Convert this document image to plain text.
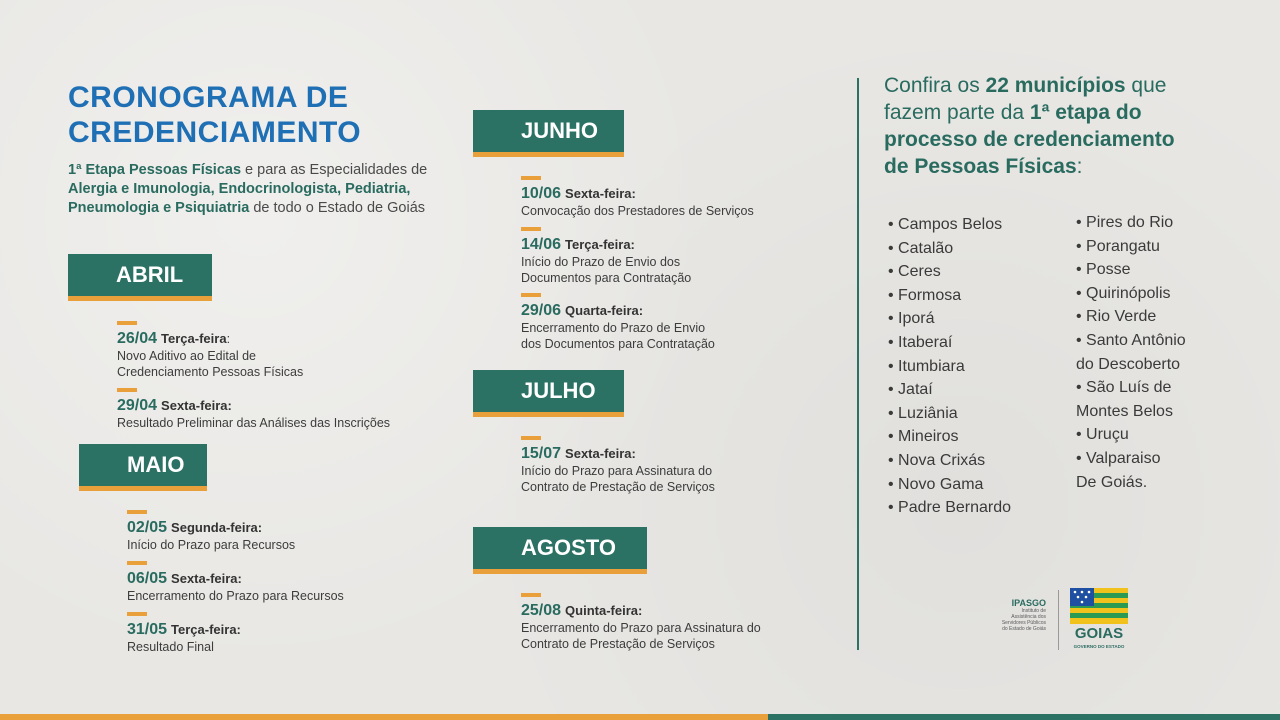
CRONOGRAMA DE
CREDENCIAMENTO
1ª Etapa Pessoas Físicas e para as Especialidades de Alergia e Imunologia, Endocrinologista, Pediatria, Pneumologia e Psiquiatria de todo o Estado de Goiás
ABRIL
26/04 Terça-feira:
Novo Aditivo ao Edital de
Credenciamento Pessoas Físicas
29/04 Sexta-feira:
Resultado Preliminar das Análises das Inscrições
MAIO
02/05 Segunda-feira:
Início do Prazo para Recursos
06/05 Sexta-feira:
Encerramento do Prazo para Recursos
31/05 Terça-feira:
Resultado Final
JUNHO
10/06 Sexta-feira:
Convocação dos Prestadores de Serviços
14/06 Terça-feira:
Início do Prazo de Envio dos
Documentos para Contratação
29/06 Quarta-feira:
Encerramento do Prazo de Envio
dos Documentos para Contratação
JULHO
15/07 Sexta-feira:
Início do Prazo para Assinatura do
Contrato de Prestação de Serviços
AGOSTO
25/08 Quinta-feira:
Encerramento do Prazo para Assinatura do
Contrato de Prestação de Serviços
Confira os 22 municípios que
fazem parte da 1ª etapa do
processo de credenciamento
de Pessoas Físicas:
• Campos Belos
• Catalão
• Ceres
• Formosa
• Iporá
• Itaberaí
• Itumbiara
• Jataí
• Luziânia
• Mineiros
• Nova Crixás
• Novo Gama
• Padre Bernardo
• Pires do Rio
• Porangatu
• Posse
• Quirinópolis
• Rio Verde
• Santo Antônio
do Descoberto
• São Luís de
Montes Belos
• Uruçu
• Valparaiso
De Goiás.
IPASGO
Instituto de
Assistência dos
Servidores Públicos
do Estado de Goiás	GOIAS
GOVERNO DO ESTADO
